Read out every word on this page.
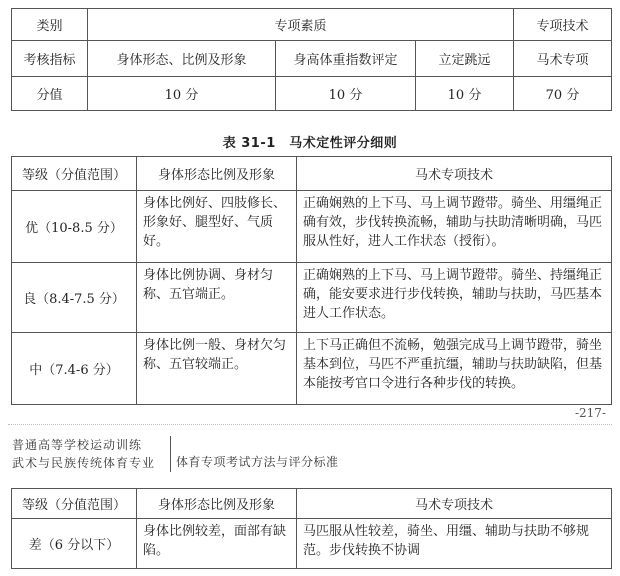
类别	专项素质			专项技术
考核指标	身体形态、比例及形象	身高体重指数评定	立定跳远	马术专项
分值	10 分	10 分	10 分	70 分
表 31-1　马术定性评分细则
等级（分值范围）	身体形态比例及形象	马术专项技术
优（10-8.5 分）	身体比例好、四肢修长、形象好、腿型好、气质好。	正确娴熟的上下马、马上调节蹬带。骑坐、用缰绳正确有效，步伐转换流畅，辅助与扶助清晰明确，马匹服从性好，进人工作状态（授衔）。
良（8.4-7.5 分）	身体比例协调、身材匀称、五官端正。	正确娴熟的上下马、马上调节蹬带。骑坐、持缰绳正确，能安要求进行步伐转换，辅助与扶助，马匹基本进人工作状态。
中（7.4-6 分）	身体比例一般、身材欠匀称、五官较端正。	上下马正确但不流畅，勉强完成马上调节蹬带，骑坐基本到位，马匹不严重抗缰，辅助与扶助缺陷，但基本能按考官口令进行各种步伐的转换。
-217-
普通高等学校运动训练
武术与民族传统体育专业	体育专项考试方法与评分标准
等级（分值范围）	身体形态比例及形象	马术专项技术
差（6 分以下）	身体比例较差，面部有缺陷。	马匹服从性较差，骑坐、用缰、辅助与扶助不够规范。步伐转换不协调
